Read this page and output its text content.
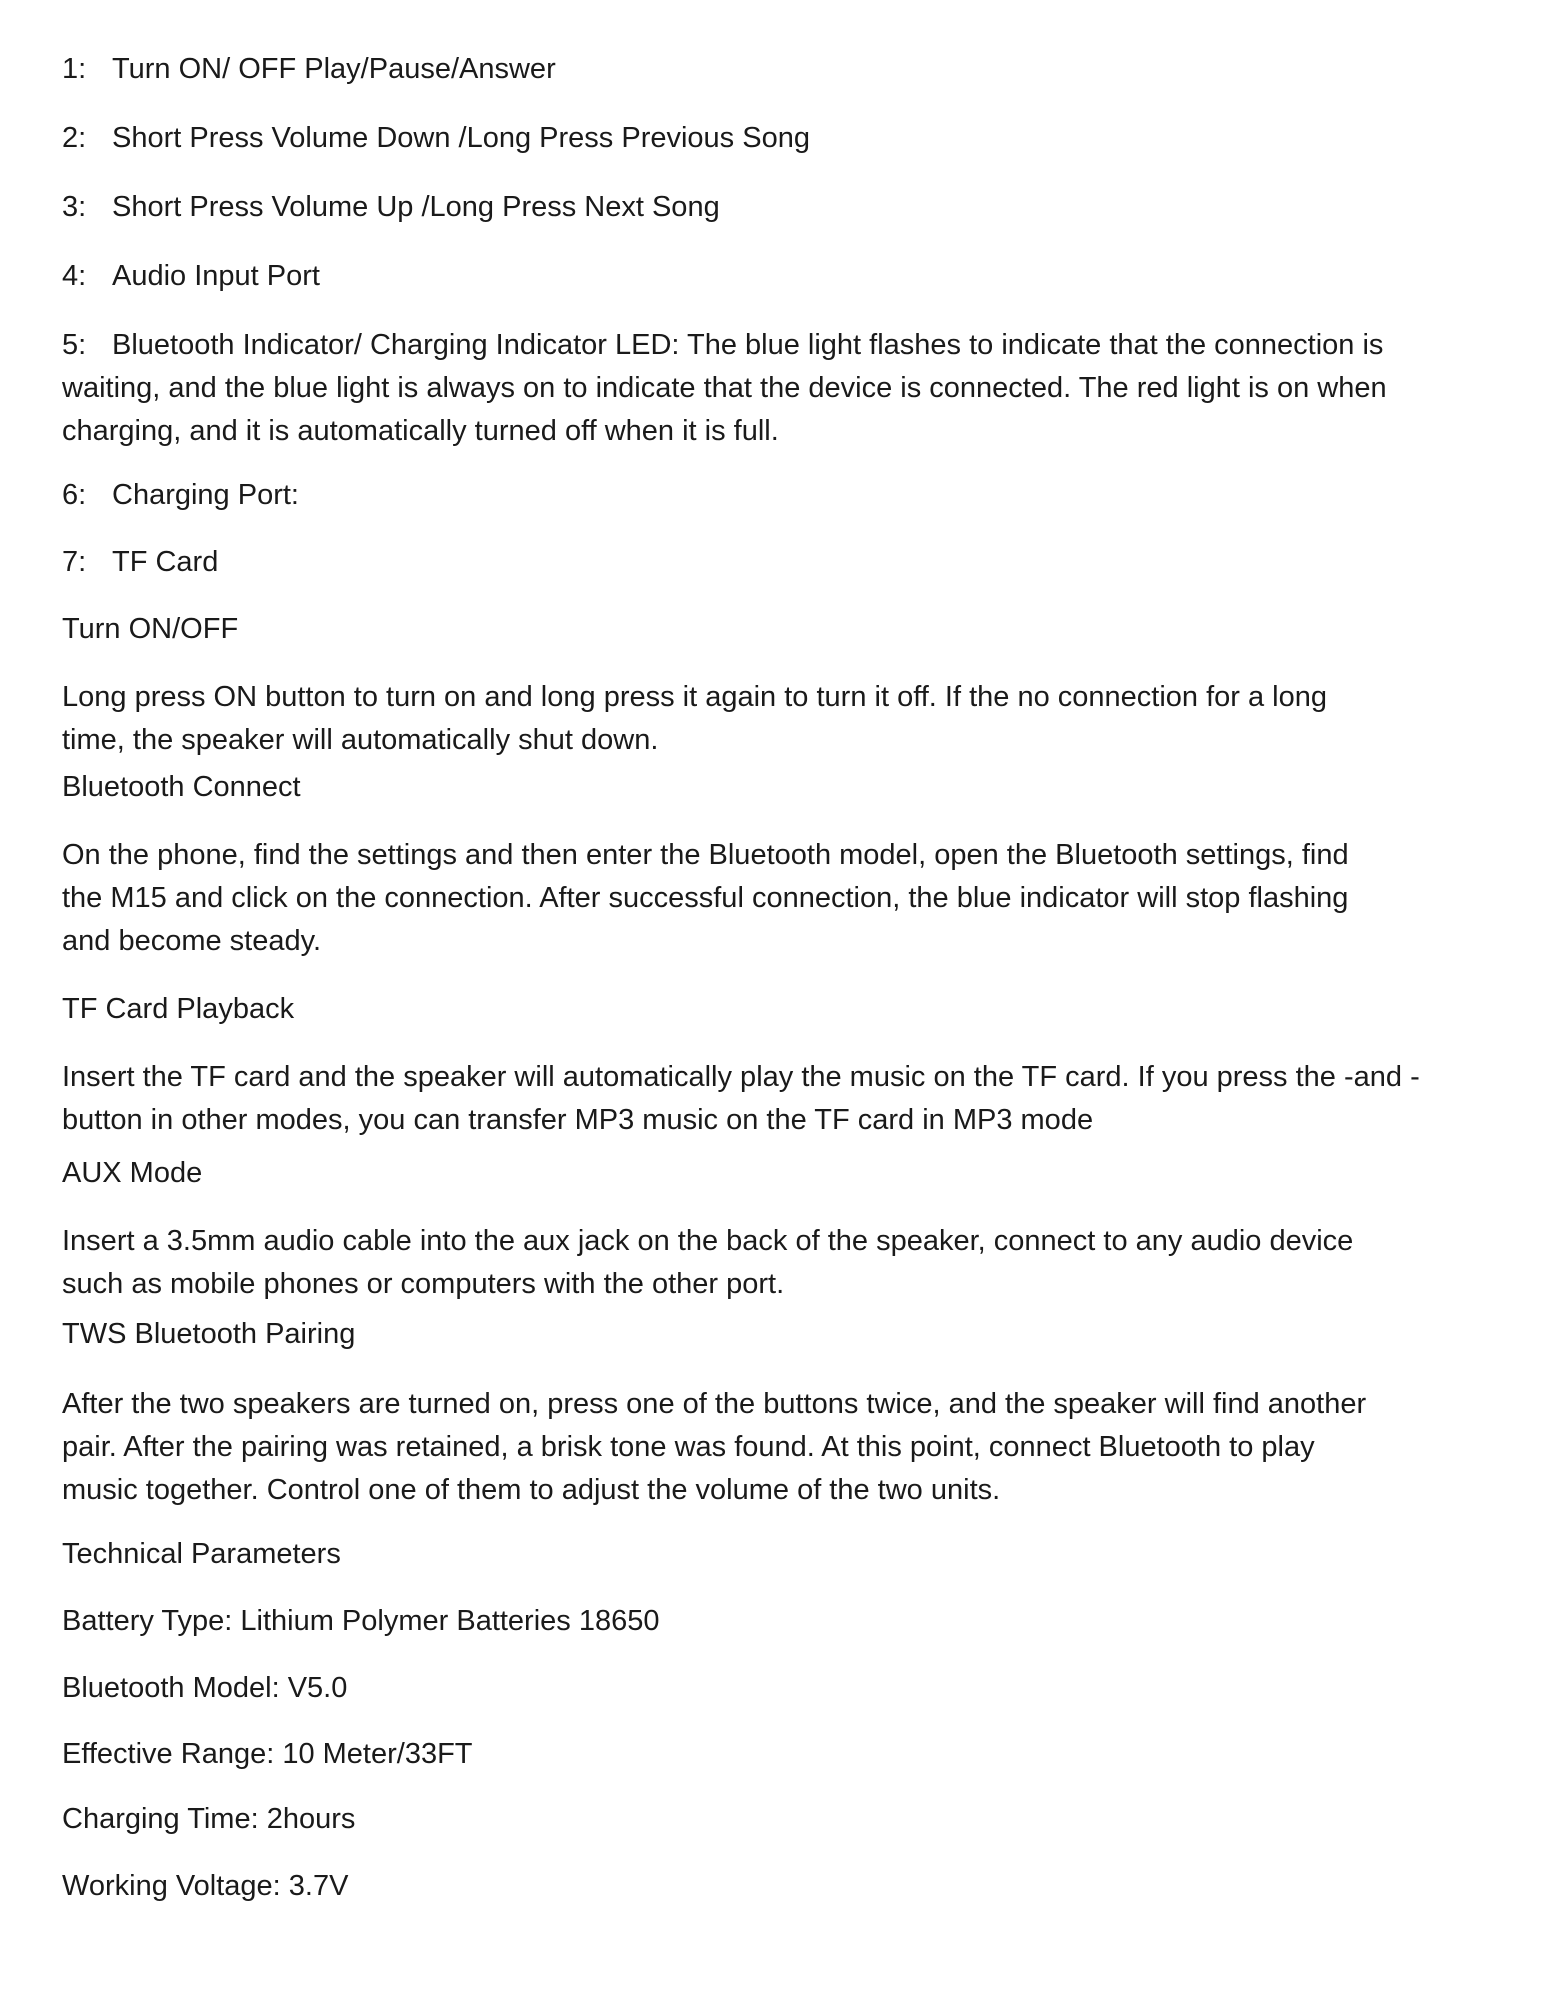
1: Turn ON/ OFF Play/Pause/Answer
2: Short Press Volume Down /Long Press Previous Song
3: Short Press Volume Up /Long Press Next Song
4: Audio Input Port
5: Bluetooth Indicator/ Charging Indicator LED: The blue light flashes to indicate that the connection is
waiting, and the blue light is always on to indicate that the device is connected. The red light is on when
charging, and it is automatically turned off when it is full.
6: Charging Port:
7: TF Card
Turn ON/OFF
Long press ON button to turn on and long press it again to turn it off. If the no connection for a long
time, the speaker will automatically shut down.
Bluetooth Connect
On the phone, find the settings and then enter the Bluetooth model, open the Bluetooth settings, find
the M15 and click on the connection. After successful connection, the blue indicator will stop flashing
and become steady.
TF Card Playback
Insert the TF card and the speaker will automatically play the music on the TF card. If you press the -and -
button in other modes, you can transfer MP3 music on the TF card in MP3 mode
AUX Mode
Insert a 3.5mm audio cable into the aux jack on the back of the speaker, connect to any audio device
such as mobile phones or computers with the other port.
TWS Bluetooth Pairing
After the two speakers are turned on, press one of the buttons twice, and the speaker will find another
pair. After the pairing was retained, a brisk tone was found. At this point, connect Bluetooth to play
music together. Control one of them to adjust the volume of the two units.
Technical Parameters
Battery Type: Lithium Polymer Batteries 18650
Bluetooth Model: V5.0
Effective Range: 10 Meter/33FT
Charging Time: 2hours
Working Voltage: 3.7V
